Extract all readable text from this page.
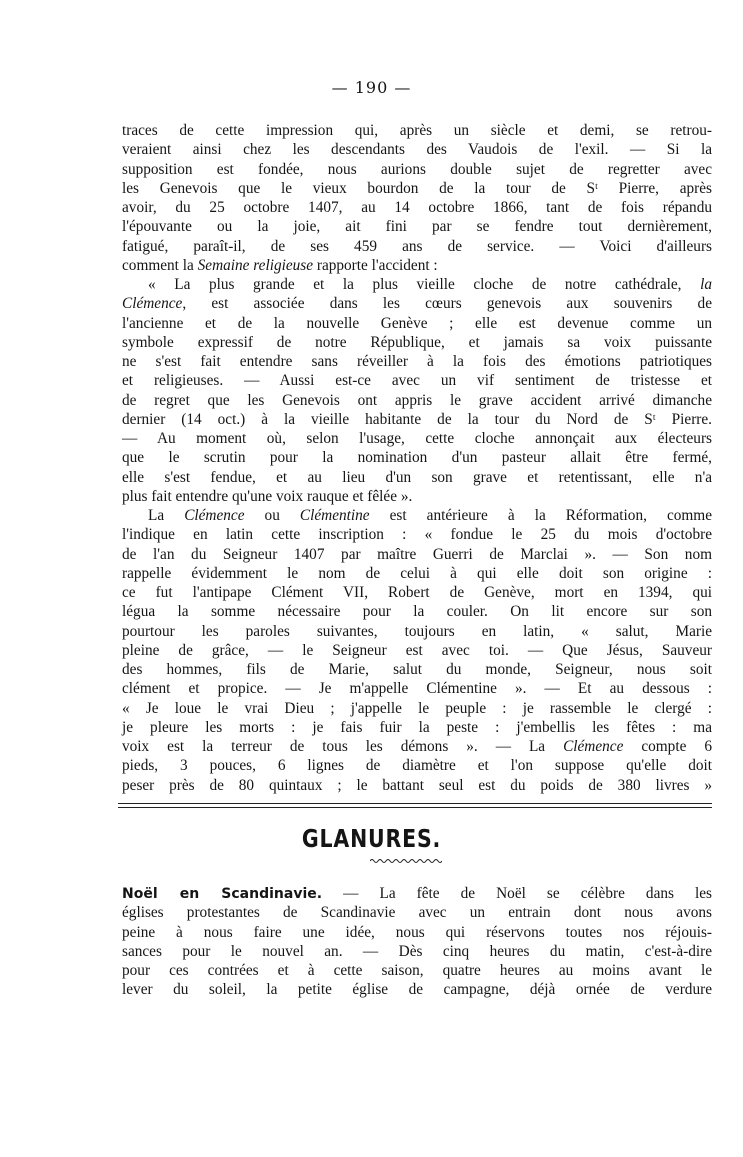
— 190 —
traces de cette impression qui, après un siècle et demi, se retrou-
veraient ainsi chez les descendants des Vaudois de l'exil. — Si la
supposition est fondée, nous aurions double sujet de regretter avec
les Genevois que le vieux bourdon de la tour de Sᵗ Pierre, après
avoir, du 25 octobre 1407, au 14 octobre 1866, tant de fois répandu
l'épouvante ou la joie, ait fini par se fendre tout dernièrement,
fatigué, paraît-il, de ses 459 ans de service. — Voici d'ailleurs
comment la Semaine religieuse rapporte l'accident :
« La plus grande et la plus vieille cloche de notre cathédrale, la
Clémence, est associée dans les cœurs genevois aux souvenirs de
l'ancienne et de la nouvelle Genève ; elle est devenue comme un
symbole expressif de notre République, et jamais sa voix puissante
ne s'est fait entendre sans réveiller à la fois des émotions patriotiques
et religieuses. — Aussi est-ce avec un vif sentiment de tristesse et
de regret que les Genevois ont appris le grave accident arrivé dimanche
dernier (14 oct.) à la vieille habitante de la tour du Nord de Sᵗ Pierre.
— Au moment où, selon l'usage, cette cloche annonçait aux électeurs
que le scrutin pour la nomination d'un pasteur allait être fermé,
elle s'est fendue, et au lieu d'un son grave et retentissant, elle n'a
plus fait entendre qu'une voix rauque et fêlée ».
La Clémence ou Clémentine est antérieure à la Réformation, comme
l'indique en latin cette inscription : « fondue le 25 du mois d'octobre
de l'an du Seigneur 1407 par maître Guerri de Marclai ». — Son nom
rappelle évidemment le nom de celui à qui elle doit son origine :
ce fut l'antipape Clément VII, Robert de Genève, mort en 1394, qui
légua la somme nécessaire pour la couler. On lit encore sur son
pourtour les paroles suivantes, toujours en latin, « salut, Marie
pleine de grâce, — le Seigneur est avec toi. — Que Jésus, Sauveur
des hommes, fils de Marie, salut du monde, Seigneur, nous soit
clément et propice. — Je m'appelle Clémentine ». — Et au dessous :
« Je loue le vrai Dieu ; j'appelle le peuple : je rassemble le clergé :
je pleure les morts : je fais fuir la peste : j'embellis les fêtes : ma
voix est la terreur de tous les démons ». — La Clémence compte 6
pieds, 3 pouces, 6 lignes de diamètre et l'on suppose qu'elle doit
peser près de 80 quintaux ; le battant seul est du poids de 380 livres »
GLANURES.
Noël en Scandinavie. — La fête de Noël se célèbre dans les
églises protestantes de Scandinavie avec un entrain dont nous avons
peine à nous faire une idée, nous qui réservons toutes nos réjouis-
sances pour le nouvel an. — Dès cinq heures du matin, c'est-à-dire
pour ces contrées et à cette saison, quatre heures au moins avant le
lever du soleil, la petite église de campagne, déjà ornée de verdure
